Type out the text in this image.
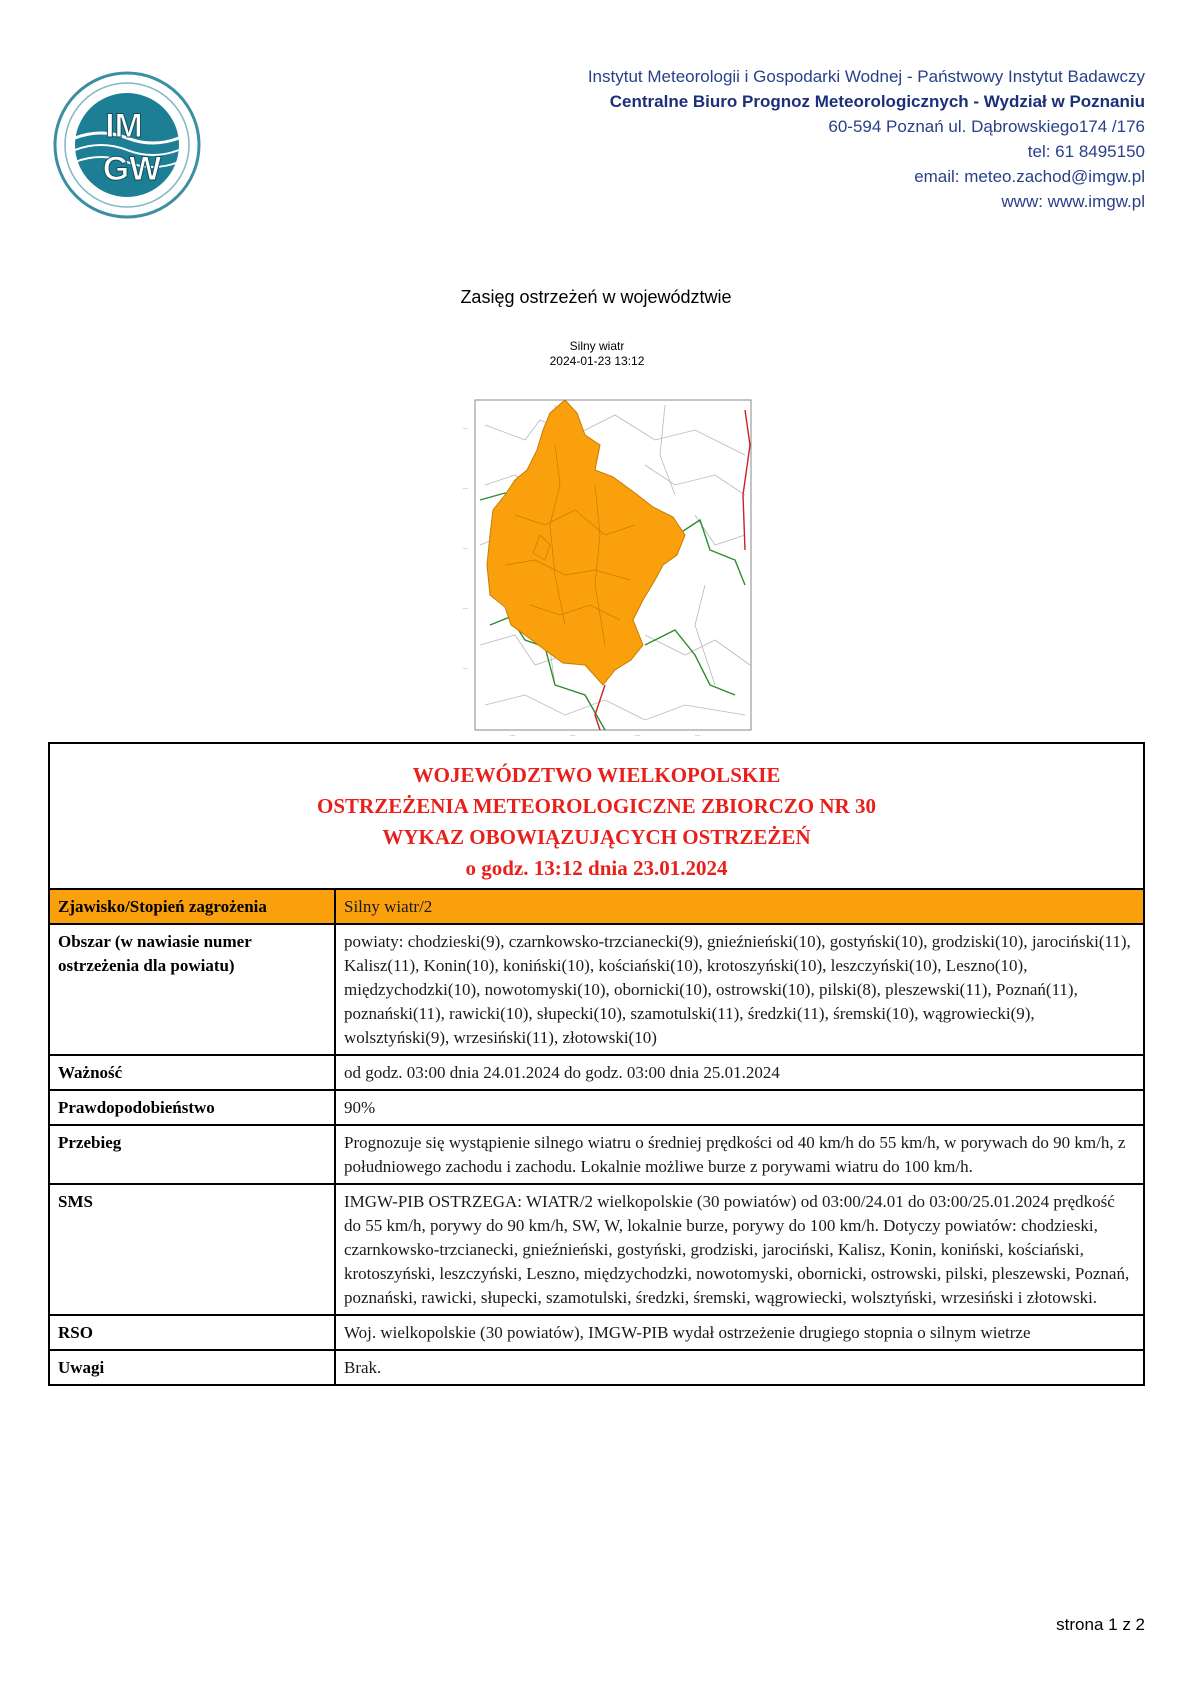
IM
GW
Instytut Meteorologii i Gospodarki Wodnej - Państwowy Instytut Badawczy
Centralne Biuro Prognoz Meteorologicznych - Wydział w Poznaniu
60-594 Poznań ul. Dąbrowskiego174 /176
tel: 61 8495150
email: meteo.zachod@imgw.pl
www: www.imgw.pl
Zasięg ostrzeżeń w województwie
Silny wiatr
2024-01-23 13:12
---
---
---
---
---
---	---	---	---
WOJEWÓDZTWO WIELKOPOLSKIE
OSTRZEŻENIA METEOROLOGICZNE ZBIORCZO NR 30
WYKAZ OBOWIĄZUJĄCYCH OSTRZEŻEŃ
o godz. 13:12 dnia 23.01.2024	

Zjawisko/Stopień zagrożenia	Silny wiatr/2
Obszar (w nawiasie numer ostrzeżenia dla powiatu)	powiaty: chodzieski(9), czarnkowsko-trzcianecki(9), gnieźnieński(10), gostyński(10), grodziski(10), jarociński(11), Kalisz(11), Konin(10), koniński(10), kościański(10), krotoszyński(10), leszczyński(10), Leszno(10), międzychodzki(10), nowotomyski(10), obornicki(10), ostrowski(10), pilski(8), pleszewski(11), Poznań(11), poznański(11), rawicki(10), słupecki(10), szamotulski(11), średzki(11), śremski(10), wągrowiecki(9), wolsztyński(9), wrzesiński(11), złotowski(10)
Ważność	od godz. 03:00 dnia 24.01.2024 do godz. 03:00 dnia 25.01.2024
Prawdopodobieństwo	90%
Przebieg	Prognozuje się wystąpienie silnego wiatru o średniej prędkości od 40 km/h do 55 km/h, w porywach do 90 km/h, z południowego zachodu i zachodu. Lokalnie możliwe burze z porywami wiatru do 100 km/h.
SMS	IMGW-PIB OSTRZEGA: WIATR/2 wielkopolskie (30 powiatów) od 03:00/24.01 do 03:00/25.01.2024 prędkość do 55 km/h, porywy do 90 km/h, SW, W, lokalnie burze, porywy do 100 km/h. Dotyczy powiatów: chodzieski, czarnkowsko-trzcianecki, gnieźnieński, gostyński, grodziski, jarociński, Kalisz, Konin, koniński, kościański, krotoszyński, leszczyński, Leszno, międzychodzki, nowotomyski, obornicki, ostrowski, pilski, pleszewski, Poznań, poznański, rawicki, słupecki, szamotulski, średzki, śremski, wągrowiecki, wolsztyński, wrzesiński i złotowski.
RSO	Woj. wielkopolskie (30 powiatów), IMGW-PIB wydał ostrzeżenie drugiego stopnia o silnym wietrze
Uwagi	Brak.
strona 1 z 2
